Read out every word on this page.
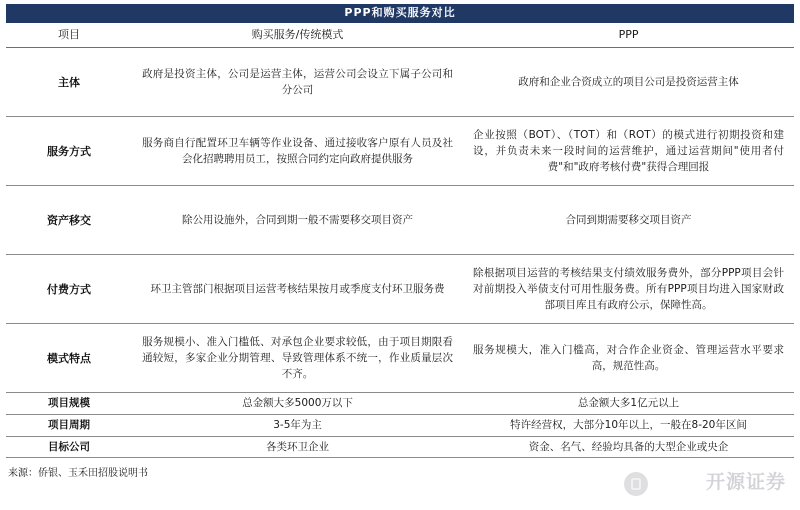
PPP和购买服务对比
项目	购买服务/传统模式	PPP
主体	政府是投资主体，公司是运营主体，运营公司会设立下属子公司和分公司	政府和企业合资成立的项目公司是投资运营主体
服务方式	服务商自行配置环卫车辆等作业设备、通过接收客户原有人员及社会化招聘聘用员工，按照合同约定向政府提供服务	企业按照（BOT）、（TOT）和（ROT）的模式进行初期投资和建设，并负责未来一段时间的运营维护，通过运营期间"使用者付费"和"政府考核付费"获得合理回报
资产移交	除公用设施外，合同到期一般不需要移交项目资产	合同到期需要移交项目资产
付费方式	环卫主管部门根据项目运营考核结果按月或季度支付环卫服务费	除根据项目运营的考核结果支付绩效服务费外，部分PPP项目会针对前期投入举债支付可用性服务费。所有PPP项目均进入国家财政部项目库且有政府公示，保障性高。
模式特点	服务规模小、准入门槛低、对承包企业要求较低，由于项目期限看通较短，多家企业分期管理、导致管理体系不统一，作业质量层次不齐。	服务规模大，准入门槛高，对合作企业资金、管理运营水平要求高，规范性高。
项目规模	总金额大多5000万以下	总金额大多1亿元以上
项目周期	3-5年为主	特许经营权，大部分10年以上，一般在8-20年区间
目标公司	各类环卫企业	资金、名气、经验均具备的大型企业或央企
来源：侨银、玉禾田招股说明书	开源证券
